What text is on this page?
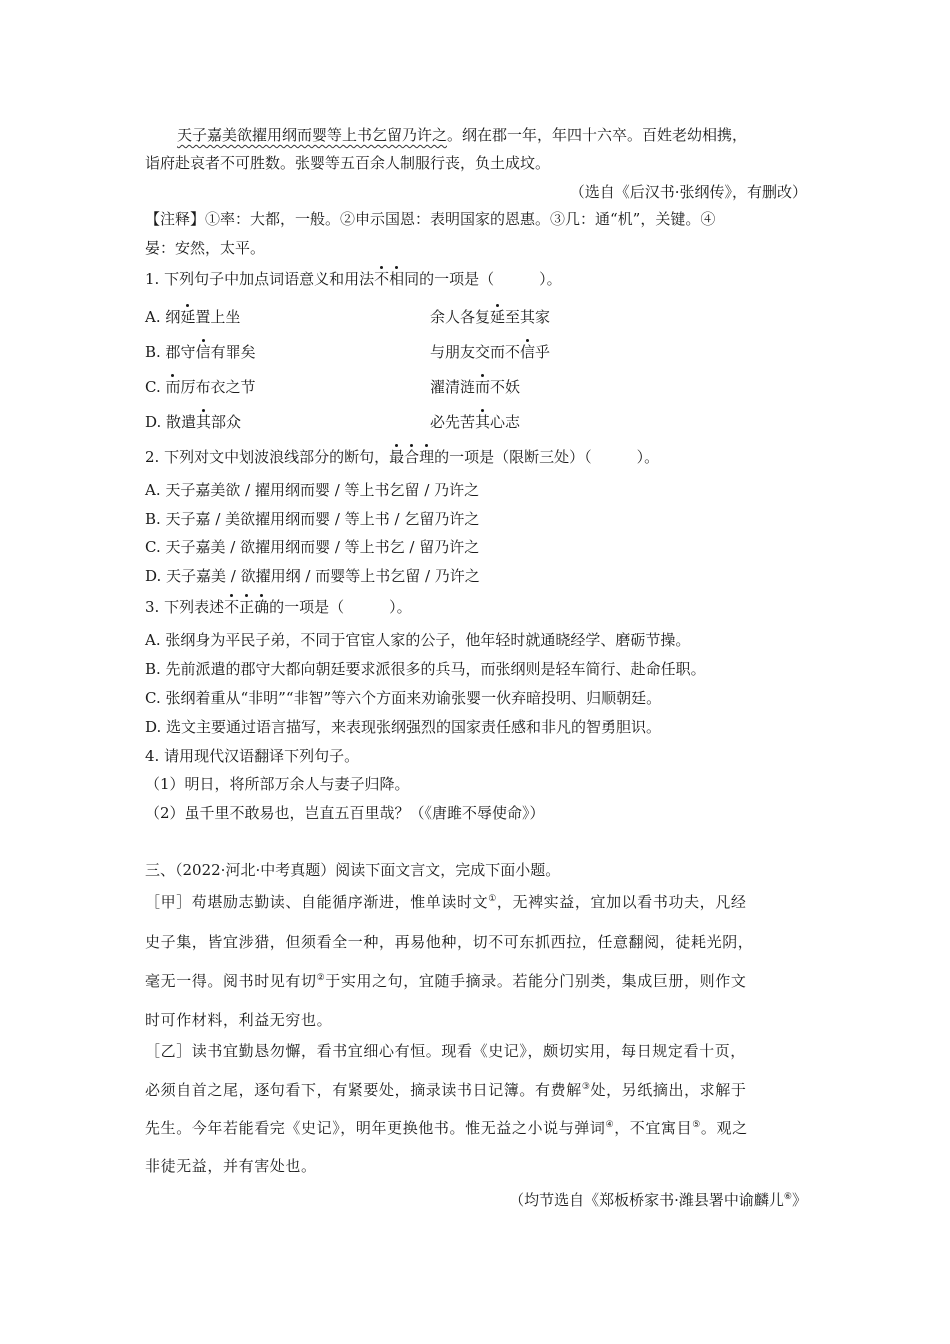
天子嘉美欲擢用纲而婴等上书乞留乃许之。纲在郡一年，年四十六卒。百姓老幼相携，
诣府赴哀者不可胜数。张婴等五百余人制服行丧，负土成坟。
（选自《后汉书·张纲传》，有删改）
【注释】①率：大都，一般。②申示国恩：表明国家的恩惠。③几：通“机”，关键。④
晏：安然，太平。
1. 下列句子中加点词语意义和用法不相同的一项是（　　　）。
A. 纲延置上坐	余人各复延至其家
B. 郡守信有罪矣	与朋友交而不信乎
C. 而厉布衣之节	濯清涟而不妖
D. 散遣其部众	必先苦其心志
2. 下列对文中划波浪线部分的断句，最合理的一项是（限断三处）（　　　）。
A. 天子嘉美欲 / 擢用纲而婴 / 等上书乞留 / 乃许之
B. 天子嘉 / 美欲擢用纲而婴 / 等上书 / 乞留乃许之
C. 天子嘉美 / 欲擢用纲而婴 / 等上书乞 / 留乃许之
D. 天子嘉美 / 欲擢用纲 / 而婴等上书乞留 / 乃许之
3. 下列表述不正确的一项是（　　　）。
A. 张纲身为平民子弟，不同于官宦人家的公子，他年轻时就通晓经学、磨砺节操。
B. 先前派遣的郡守大都向朝廷要求派很多的兵马，而张纲则是轻车简行、赴命任职。
C. 张纲着重从“非明”“非智”等六个方面来劝谕张婴一伙弃暗投明、归顺朝廷。
D. 选文主要通过语言描写，来表现张纲强烈的国家责任感和非凡的智勇胆识。
4. 请用现代汉语翻译下列句子。
（1）明日，将所部万余人与妻子归降。
（2）虽千里不敢易也，岂直五百里哉？（《唐雎不辱使命》）
三、（2022·河北·中考真题）阅读下面文言文，完成下面小题。
［甲］苟堪励志勤读、自能循序渐进，惟单读时文①，无裨实益，宜加以看书功夫，凡经
史子集，皆宜涉猎，但须看全一种，再易他种，切不可东抓西拉，任意翻阅，徒耗光阴，
毫无一得。阅书时见有切②于实用之句，宜随手摘录。若能分门别类，集成巨册，则作文
时可作材料，利益无穷也。
［乙］读书宜勤恳勿懈，看书宜细心有恒。现看《史记》，颇切实用，每日规定看十页，
必须自首之尾，逐句看下，有紧要处，摘录读书日记簿。有费解③处，另纸摘出，求解于
先生。今年若能看完《史记》，明年更换他书。惟无益之小说与弹词④，不宜寓目⑤。观之
非徒无益，并有害处也。
（均节选自《郑板桥家书·潍县署中谕麟儿⑥》
